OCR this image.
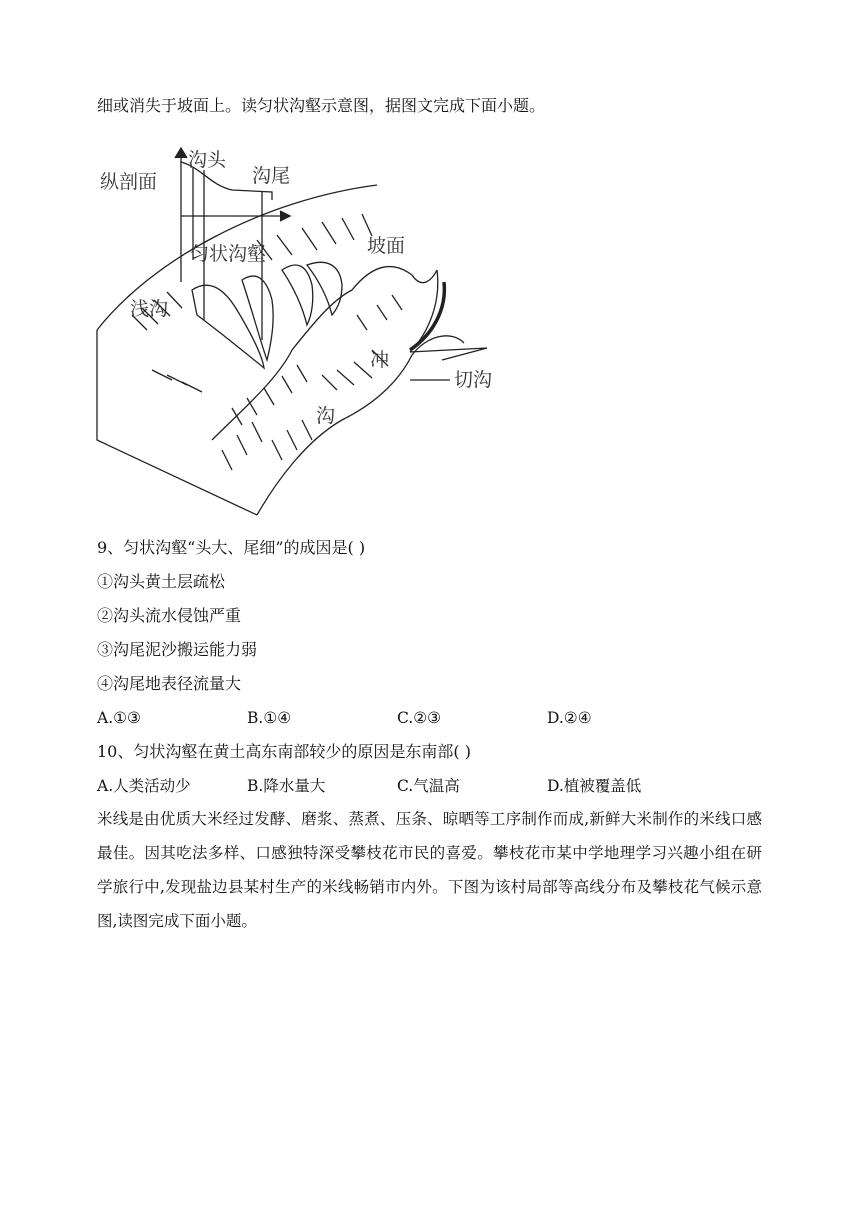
细或消失于坡面上。读匀状沟壑示意图，据图文完成下面小题。
纵剖面
沟头
沟尾
匀状沟壑	坡面
浅沟
切沟
冲
沟
9、匀状沟壑“头大、尾细”的成因是( )
①沟头黄土层疏松
②沟头流水侵蚀严重
③沟尾泥沙搬运能力弱
④沟尾地表径流量大
A.①③	B.①④	C.②③	D.②④
10、匀状沟壑在黄土高东南部较少的原因是东南部( )
A.人类活动少	B.降水量大	C.气温高	D.植被覆盖低
米线是由优质大米经过发酵、磨浆、蒸煮、压条、晾晒等工序制作而成,新鲜大米制作的米线口感最佳。因其吃法多样、口感独特深受攀枝花市民的喜爱。攀枝花市某中学地理学习兴趣小组在研学旅行中,发现盐边县某村生产的米线畅销市内外。下图为该村局部等高线分布及攀枝花气候示意图,读图完成下面小题。
